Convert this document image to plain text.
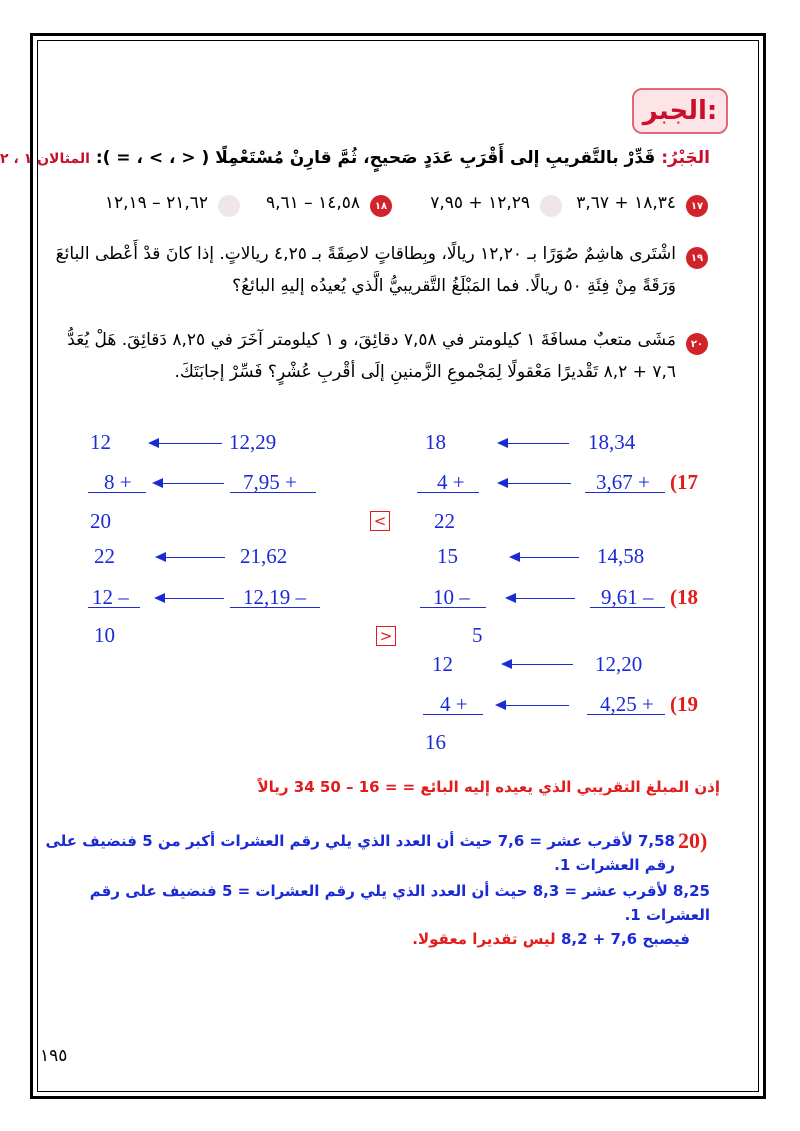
الجبر:
الجَبْرُ: قَدِّرْ بالتَّقريبِ إلى أَقْرَبِ عَدَدٍ صَحيحٍ، ثُمَّ قارِنْ مُسْتَعْمِلًا ( < ، > ، = ): المثالان ١ ، ٢
١٧
١٨,٣٤ + ٣,٦٧
١٢,٢٩ + ٧,٩٥
١٨
١٤,٥٨ – ٩,٦١
٢١,٦٢ – ١٢,١٩
١٩
اشْتَرى هاشِمٌ صُوَرًا بـ ١٢,٢٠ ريالًا، وبِطاقاتٍ لاصِقَةً بـ ٤,٢٥ ريالاتٍ. إذا كانَ قدْ أَعْطى البائعَ
وَرَقَةً مِنْ فِئَةِ ٥٠ ريالًا. فما المَبْلَغُ التَّقريبيُّ الَّذي يُعيدُه إليهِ البائعُ؟
٢٠
مَشَى متعبٌ مسافَةَ ١ كيلومتر في ٧,٥٨ دقائِقَ، و ١ كيلومتر آخَرَ في ٨,٢٥ دَقائِقَ. هَلْ يُعَدُّ
٧,٦ + ٨,٢ تَقْديرًا مَعْقولًا لِمَجْموعِ الزَّمنينِ إلَى أقْربِ عُشْرٍ؟ فَسِّرْ إجابَتَكَ.
18,34
18
3,67 + (17
4 +
22
12,29
12
7,95 +
8 +
20	<
14,58
15
9,61 – (18
10 –
5
21,62
22
12,19 –
12 –
10	>
12,20
12
4,25 + (19
4 +
16
إذن المبلغ التقريبي الذي يعيده إليه البائع = 50 – 16 = 34 ريالاً
20)
7,58 لأقرب عشر = 7,6 حيث أن العدد الذي يلي رقم العشرات أكبر من 5 فنضيف على
رقم العشرات 1.
8,25 لأقرب عشر = 8,3 حيث أن العدد الذي يلي رقم العشرات = 5 فنضيف على رقم
العشرات 1.
فيصبح 7,6 + 8,2 ليس تقديرا معقولا.
١٩٥
